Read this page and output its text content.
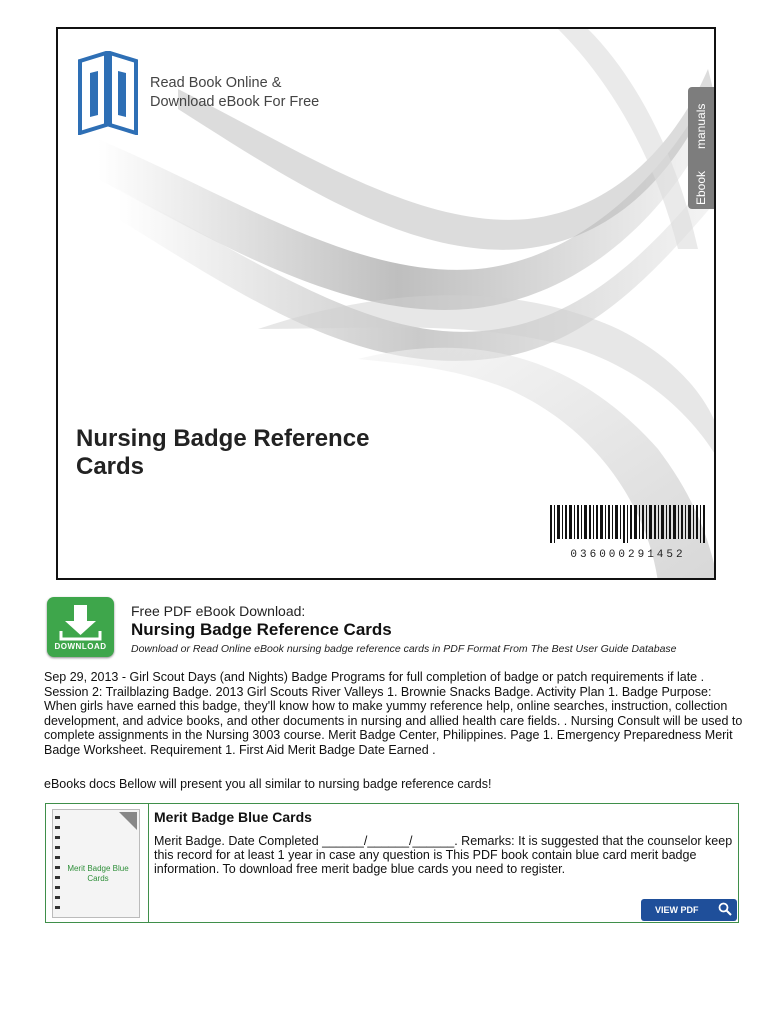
Read Book Online &
Download eBook For Free
manuals
Ebook
Nursing Badge Reference
Cards
036000291452
DOWNLOAD
Free PDF eBook Download:
Nursing Badge Reference Cards
Download or Read Online eBook nursing badge reference cards in PDF Format From The Best User Guide Database
Sep 29, 2013 - Girl Scout Days (and Nights) Badge Programs for full completion of badge or patch requirements if late . Session 2: Trailblazing Badge. 2013 Girl Scouts River Valleys 1. Brownie Snacks Badge. Activity Plan 1. Badge Purpose: When girls have earned this badge, they'll know how to make yummy reference help, online searches, instruction, collection development, and advice books, and other documents in nursing and allied health care fields. . Nursing Consult will be used to complete assignments in the Nursing 3003 course. Merit Badge Center, Philippines. Page 1. Emergency Preparedness Merit Badge Worksheet. Requirement 1. First Aid Merit Badge Date Earned .
eBooks docs Bellow will present you all similar to nursing badge reference cards!
Merit Badge Blue Cards
Merit Badge Blue Cards
Merit Badge. Date Completed ______/______/______. Remarks: It is suggested that the counselor keep this record for at least 1 year in case any question is This PDF book contain blue card merit badge information. To download free merit badge blue cards you need to register.
VIEW PDF
